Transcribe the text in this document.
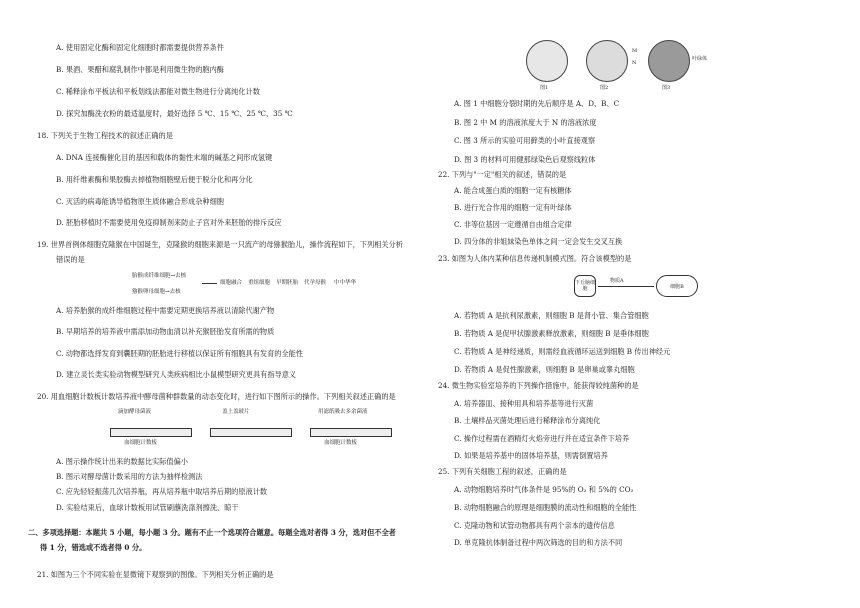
A. 使用固定化酶和固定化细胞时都需要提供营养条件
B. 果酒、果醋和腐乳制作中都是利用微生物的胞内酶
C. 稀释涂布平板法和平板划线法都能对微生物进行分离纯化计数
D. 探究加酶洗衣粉的最适温度时，最好选择 5 ℃、15 ℃、25 ℃、35 ℃
18. 下列关于生物工程技术的叙述正确的是
A. DNA 连接酶催化目的基因和载体的黏性末端的碱基之间形成氢键
B. 用纤维素酶和果胶酶去掉植物细胞壁后便于脱分化和再分化
C. 灭活的病毒能诱导植物原生质体融合形成杂种细胞
D. 胚胎移植时不需要使用免疫抑制剂来防止子宫对外来胚胎的排斥反应
19. 世界首例体细胞克隆猴在中国诞生，克隆猴的细胞来源是一只流产的母猕猴胎儿，操作流程如下，下列相关分析
错误的是
胎猴成纤维细胞→去核
猕猴卵母细胞→去核
细胞融合 重组细胞 早期胚胎 代孕母猴 中中华华
A. 培养胎猴的成纤维细胞过程中需要定期更换培养液以清除代谢产物
B. 早期培养的培养液中需添加动物血清以补充猴胚胎发育所需的物质
C. 动物都选择发育到囊胚期的胚胎进行移植以保证所有细胞具有发育的全能性
D. 建立灵长类实验动物模型研究人类疾病相比小鼠模型研究更具有指导意义
20. 用血细胞计数板计数培养液中酵母菌种群数量的动态变化时，进行如下图所示的操作。下列相关叙述正确的是
滴加酵母菌液	盖上盖玻片	用滤纸吸去多余菌液
血细胞计数板	血细胞计数板
A. 图示操作统计出来的数据比实际值偏小
B. 图示对酵母菌计数采用的方法为抽样检测法
C. 应先轻轻振荡几次培养瓶，再从培养瓶中取培养后期的原液计数
D. 实验结束后，血球计数板用试管刷蘸洗涤剂擦洗、晾干
二、多项选择题：本题共 5 小题，每小题 3 分。题有不止一个选项符合题意。每题全选对者得 3 分，选对但不全者
得 1 分，错选或不选者得 0 分。
21. 如图为三个不同实验在显微镜下观察到的图像。下列相关分析正确的是
M
N
叶绿体
图1	图2	图3
A. 图 1 中细胞分裂时期的先后顺序是 A、D、B、C
B. 图 2 中 M 的溶液浓度大于 N 的溶液浓度
C. 图 3 所示的实验可用藓类的小叶直接观察
D. 图 3 的材料可用健那绿染色后观察线粒体
22. 下列与"一定"相关的叙述，错误的是
A. 能合成蛋白质的细胞一定有核糖体
B. 进行光合作用的细胞一定有叶绿体
C. 非等位基因一定遵循自由组合定律
D. 四分体的非姐妹染色单体之间一定会发生交叉互换
23. 如图为人体内某种信息传递机制模式图。符合该模型的是
下丘脑细胞
物质A
细胞B
A. 若物质 A 是抗利尿激素，则细胞 B 是肾小管、集合管细胞
B. 若物质 A 是促甲状腺激素释放激素，则细胞 B 是垂体细胞
C. 若物质 A 是神经递质，则需经血液循环运送到细胞 B 传出神经元
D. 若物质 A 是促性腺激素，则细胞 B 是卵巢或睾丸细胞
24. 微生物实验室培养的下列操作措施中，能获得较纯菌种的是
A. 培养器皿、接种用具和培养基等进行灭菌
B. 土壤样品灭菌处理后进行稀释涂布分离纯化
C. 操作过程需在酒精灯火焰旁进行并在适宜条件下培养
D. 如果是培养基中的固体培养基，则需倒置培养
25. 下列有关细胞工程的叙述，正确的是
A. 动物细胞培养时气体条件是 95%的 O₂ 和 5%的 CO₂
B. 动物细胞融合的原理是细胞膜的流动性和细胞的全能性
C. 克隆动物和试管动物都具有两个亲本的遗传信息
D. 单克隆抗体制备过程中两次筛选的目的和方法不同
